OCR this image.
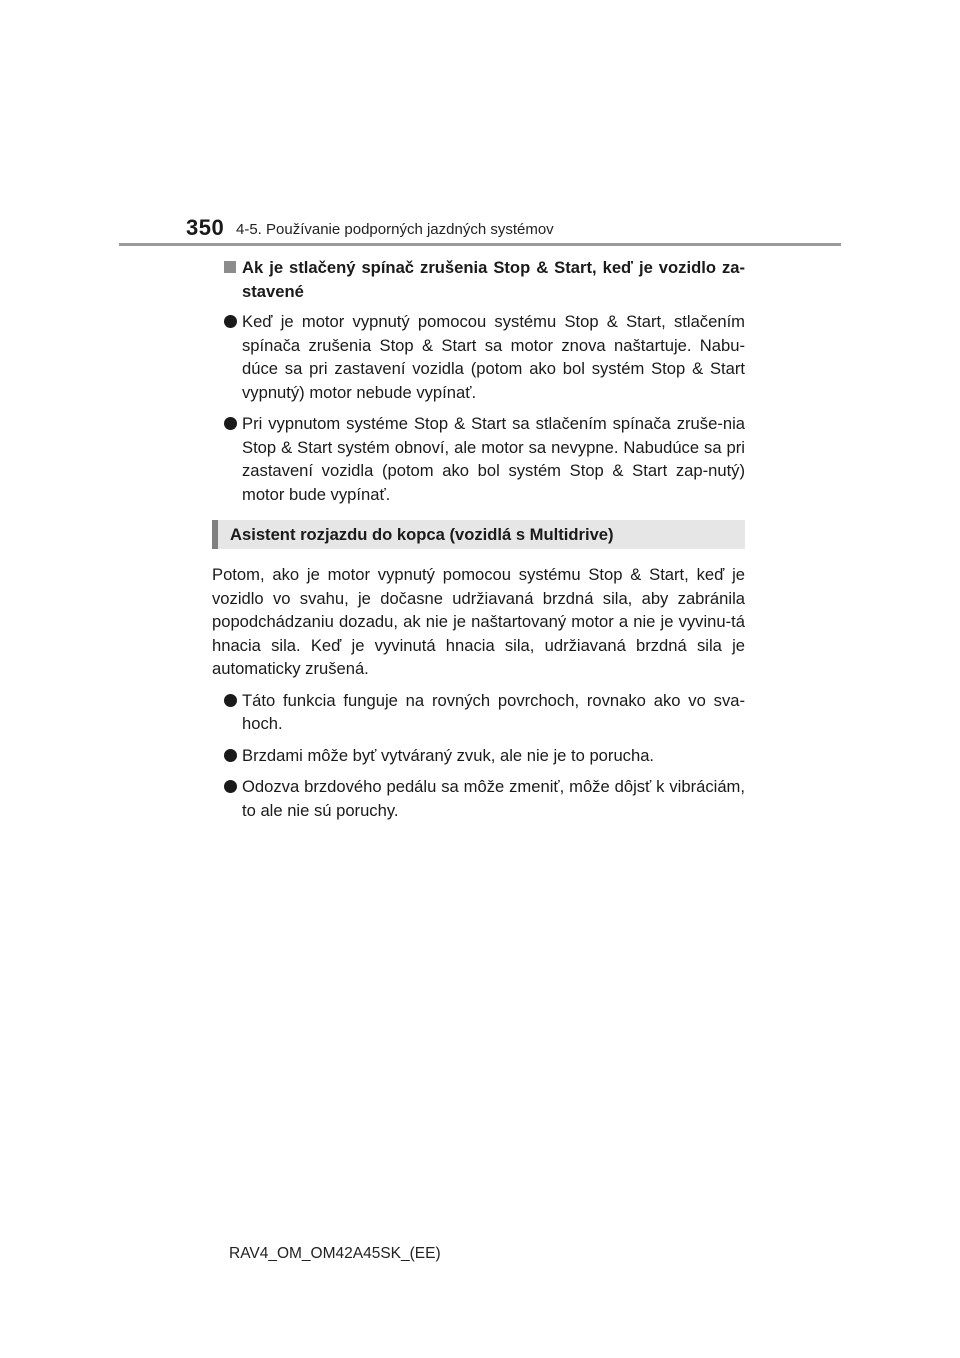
350 4-5. Používanie podporných jazdných systémov
Ak je stlačený spínač zrušenia Stop & Start, keď je vozidlo za-stavené
Keď je motor vypnutý pomocou systému Stop & Start, stlačením spínača zrušenia Stop & Start sa motor znova naštartuje. Nabu-dúce sa pri zastavení vozidla (potom ako bol systém Stop & Start vypnutý) motor nebude vypínať.
Pri vypnutom systéme Stop & Start sa stlačením spínača zruše-nia Stop & Start systém obnoví, ale motor sa nevypne. Nabudúce sa pri zastavení vozidla (potom ako bol systém Stop & Start zap-nutý) motor bude vypínať.
Asistent rozjazdu do kopca (vozidlá s Multidrive)
Potom, ako je motor vypnutý pomocou systému Stop & Start, keď je vozidlo vo svahu, je dočasne udržiavaná brzdná sila, aby zabránila popodchádzaniu dozadu, ak nie je naštartovaný motor a nie je vyvinu-tá hnacia sila. Keď je vyvinutá hnacia sila, udržiavaná brzdná sila je automaticky zrušená.
Táto funkcia funguje na rovných povrchoch, rovnako ako vo sva-hoch.
Brzdami môže byť vytváraný zvuk, ale nie je to porucha.
Odozva brzdového pedálu sa môže zmeniť, môže dôjsť k vibráciám, to ale nie sú poruchy.
RAV4_OM_OM42A45SK_(EE)
